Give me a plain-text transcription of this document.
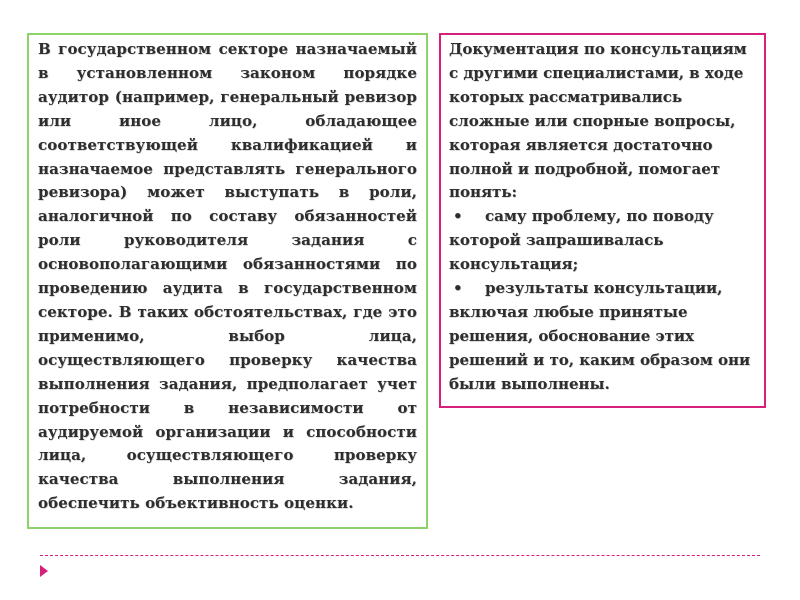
В государственном секторе назначаемый
в установленном законом порядке
аудитор (например, генеральный ревизор
или иное лицо, обладающее
соответствующей квалификацией и
назначаемое представлять генерального
ревизора) может выступать в роли,
аналогичной по составу обязанностей
роли руководителя задания с
основополагающими обязанностями по
проведению аудита в государственном
секторе. В таких обстоятельствах, где это
применимо, выбор лица,
осуществляющего проверку качества
выполнения задания, предполагает учет
потребности в независимости от
аудируемой организации и способности
лица, осуществляющего проверку
качества выполнения задания,
обеспечить объективность оценки.

Документация по консультациям

с другими специалистами, в ходе

которых рассматривались

сложные или спорные вопросы,

которая является достаточно

полной и подробной, помогает

понять:

•	саму проблему, по поводу

которой запрашивалась

консультация;

•	результаты консультации,

включая любые принятые

решения, обоснование этих

решений и то, каким образом они

были выполнены.
